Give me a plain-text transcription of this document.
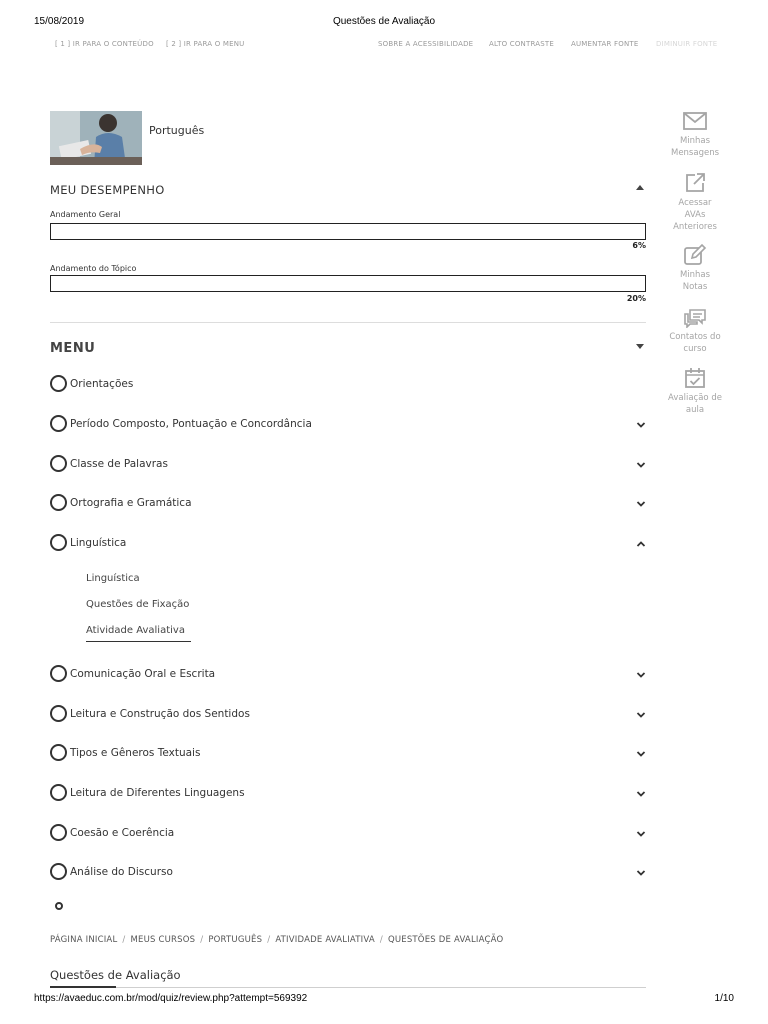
15/08/2019	Questões de Avaliação
[ 1 ] IR PARA O CONTEÚDO [ 2 ] IR PARA O MENU	SOBRE A ACESSIBILIDADE ALTO CONTRASTE AUMENTAR FONTE	DIMINUIR FONTE
Português
MEU DESEMPENHO
Andamento Geral
6%
Andamento do Tópico
20%
MENU
Orientações
Período Composto, Pontuação e Concordância
Classe de Palavras
Ortografia e Gramática
Linguística
Linguística
Questões de Fixação
Atividade Avaliativa
Comunicação Oral e Escrita
Leitura e Construção dos Sentidos
Tipos e Gêneros Textuais
Leitura de Diferentes Linguagens
Coesão e Coerência
Análise do Discurso
PÁGINA INICIAL / MEUS CURSOS / PORTUGUÊS / ATIVIDADE AVALIATIVA / QUESTÕES DE AVALIAÇÃO
Questões de Avaliação
Minhas
Mensagens
Acessar
AVAs
Anteriores
Minhas
Notas
Contatos do
curso
Avaliação de
aula
https://avaeduc.com.br/mod/quiz/review.php?attempt=569392	1/10
